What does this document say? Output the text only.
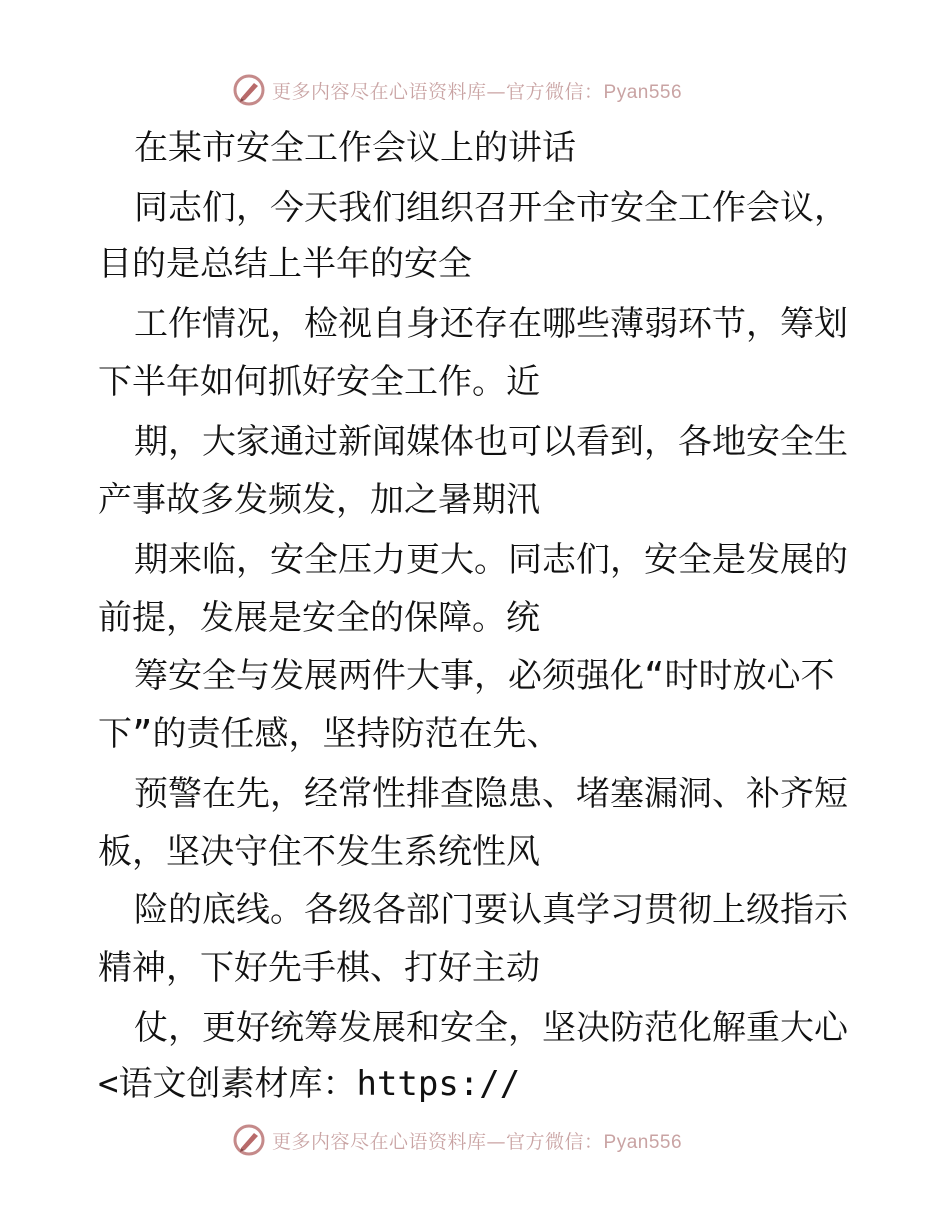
更多内容尽在心语资料库—官方微信：Pyan556
在某市安全工作会议上的讲话
同志们，今天我们组织召开全市安全工作会议，
目的是总结上半年的安全
工作情况，检视自身还存在哪些薄弱环节，筹划
下半年如何抓好安全工作。近
期，大家通过新闻媒体也可以看到，各地安全生
产事故多发频发，加之暑期汛
期来临，安全压力更大。同志们，安全是发展的
前提，发展是安全的保障。统
筹安全与发展两件大事，必须强化“时时放心不
下”的责任感，坚持防范在先、
预警在先，经常性排查隐患、堵塞漏洞、补齐短
板，坚决守住不发生系统性风
险的底线。各级各部门要认真学习贯彻上级指示
精神，下好先手棋、打好主动
仗，更好统筹发展和安全，坚决防范化解重大心
<语文创素材库：https://
更多内容尽在心语资料库—官方微信：Pyan556
